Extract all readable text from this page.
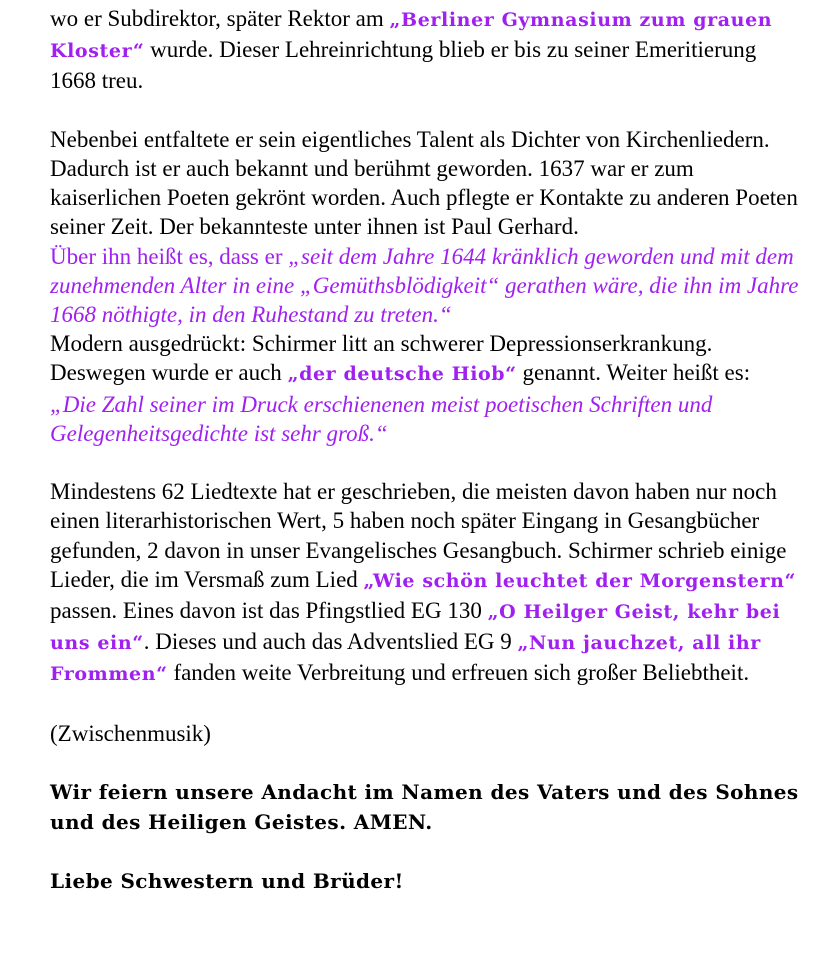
wo er Subdirektor, später Rektor am „Berliner Gymnasium zum grauen Kloster“ wurde. Dieser Lehreinrichtung blieb er bis zu seiner Emeritierung 1668 treu.

Nebenbei entfaltete er sein eigentliches Talent als Dichter von Kirchenliedern. Dadurch ist er auch bekannt und berühmt geworden. 1637 war er zum kaiserlichen Poeten gekrönt worden. Auch pflegte er Kontakte zu anderen Poeten seiner Zeit. Der bekannteste unter ihnen ist Paul Gerhard.

Über ihn heißt es, dass er „seit dem Jahre 1644 kränklich geworden und mit dem zunehmenden Alter in eine „Gemüthsblödigkeit“ gerathen wäre, die ihn im Jahre 1668 nöthigte, in den Ruhestand zu treten.“

Modern ausgedrückt: Schirmer litt an schwerer Depressionserkrankung. Deswegen wurde er auch „der deutsche Hiob“ genannt. Weiter heißt es:

„Die Zahl seiner im Druck erschienenen meist poetischen Schriften und Gelegenheitsgedichte ist sehr groß.“

Mindestens 62 Liedtexte hat er geschrieben, die meisten davon haben nur noch einen literarhistorischen Wert, 5 haben noch später Eingang in Gesangbücher gefunden, 2 davon in unser Evangelisches Gesangbuch. Schirmer schrieb einige Lieder, die im Versmaß zum Lied „Wie schön leuchtet der Morgenstern“ passen. Eines davon ist das Pfingstlied EG 130 „O Heilger Geist, kehr bei uns ein“. Dieses und auch das Adventslied EG 9 „Nun jauchzet, all ihr Frommen“ fanden weite Verbreitung und erfreuen sich großer Beliebtheit.

(Zwischenmusik)

Wir feiern unsere Andacht im Namen des Vaters und des Sohnes und des Heiligen Geistes. AMEN.

Liebe Schwestern und Brüder!
